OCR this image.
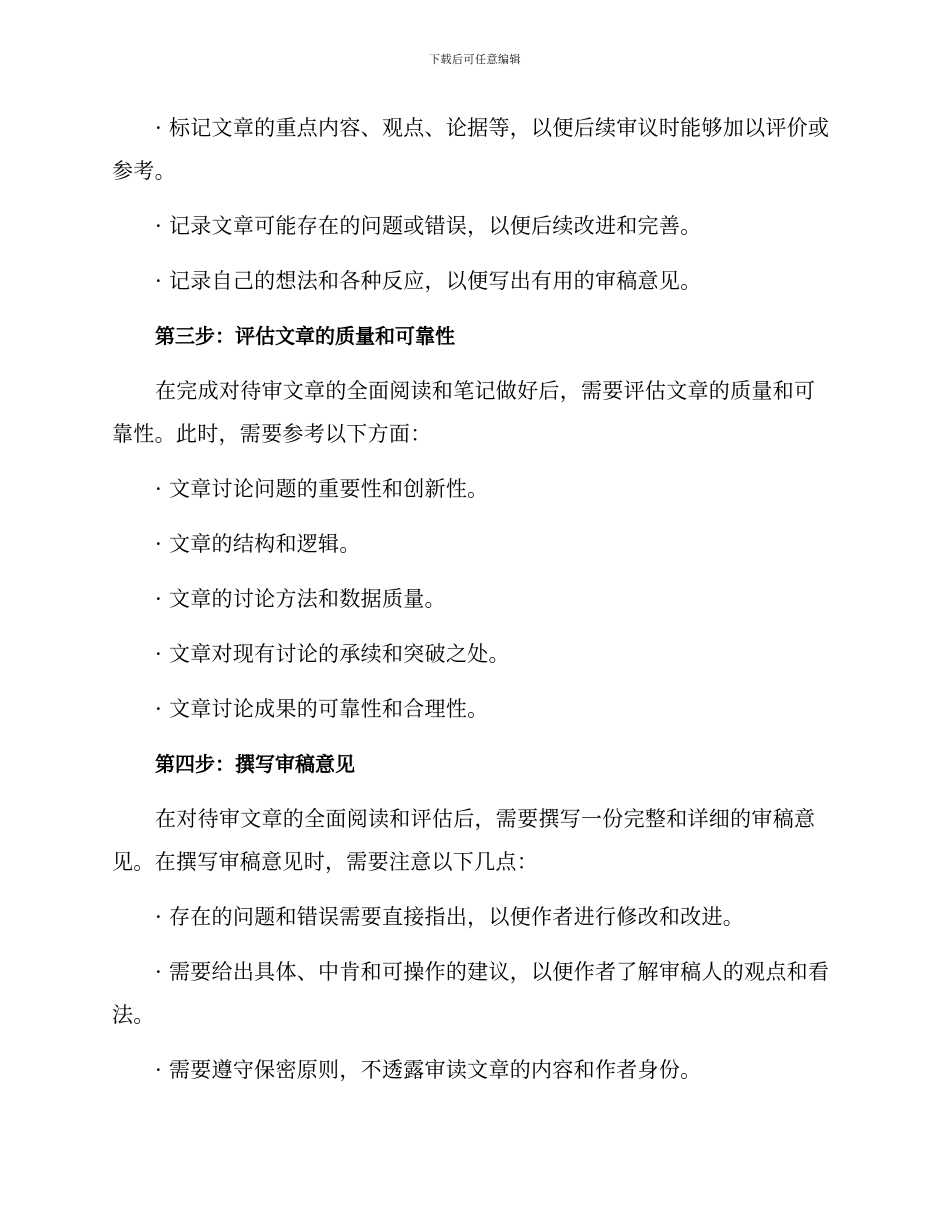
下载后可任意编辑

· 标记文章的重点内容、观点、论据等，以便后续审议时能够加以评价或参考。

· 记录文章可能存在的问题或错误，以便后续改进和完善。

· 记录自己的想法和各种反应，以便写出有用的审稿意见。

第三步：评估文章的质量和可靠性

在完成对待审文章的全面阅读和笔记做好后，需要评估文章的质量和可靠性。此时，需要参考以下方面：

· 文章讨论问题的重要性和创新性。

· 文章的结构和逻辑。

· 文章的讨论方法和数据质量。

· 文章对现有讨论的承续和突破之处。

· 文章讨论成果的可靠性和合理性。

第四步：撰写审稿意见

在对待审文章的全面阅读和评估后，需要撰写一份完整和详细的审稿意见。在撰写审稿意见时，需要注意以下几点：

· 存在的问题和错误需要直接指出，以便作者进行修改和改进。

· 需要给出具体、中肯和可操作的建议，以便作者了解审稿人的观点和看法。

· 需要遵守保密原则，不透露审读文章的内容和作者身份。
